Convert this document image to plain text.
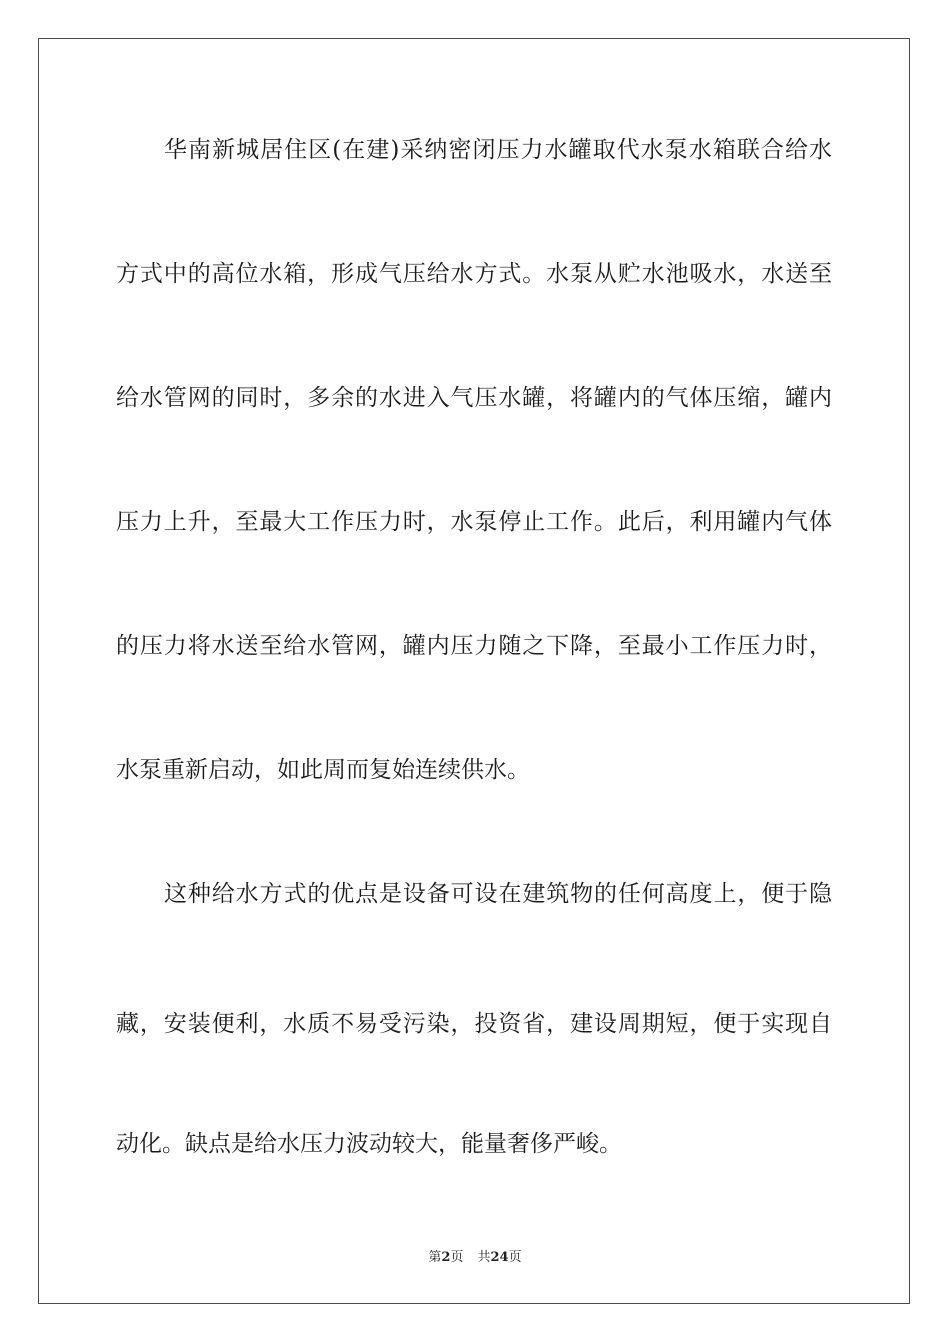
华南新城居住区(在建)采纳密闭压力水罐取代水泵水箱联合给水
方式中的高位水箱，形成气压给水方式。水泵从贮水池吸水，水送至
给水管网的同时，多余的水进入气压水罐，将罐内的气体压缩，罐内
压力上升，至最大工作压力时，水泵停止工作。此后，利用罐内气体
的压力将水送至给水管网，罐内压力随之下降，至最小工作压力时，
水泵重新启动，如此周而复始连续供水。
这种给水方式的优点是设备可设在建筑物的任何高度上，便于隐
藏，安装便利，水质不易受污染，投资省，建设周期短，便于实现自
动化。缺点是给水压力波动较大，能量奢侈严峻。
第2页 共24页
